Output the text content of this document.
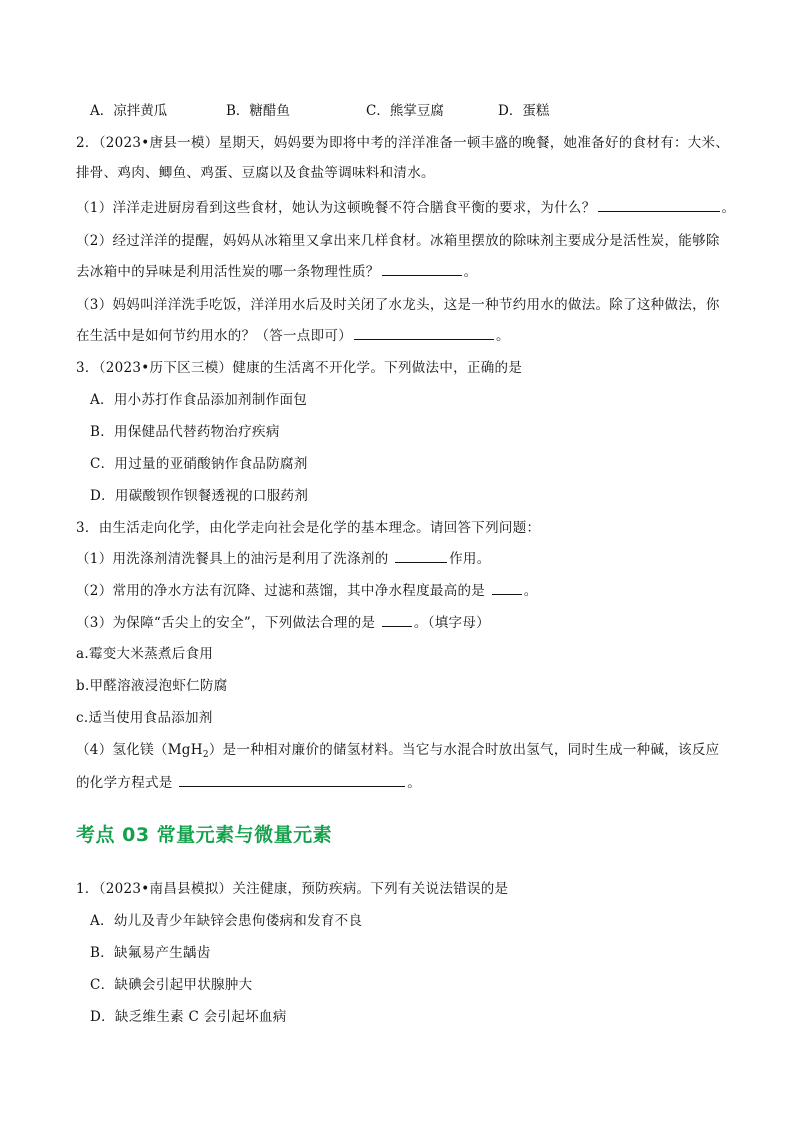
A．凉拌黄瓜	B．糖醋鱼	C．熊掌豆腐	D．蛋糕
2．（2023•唐县一模）星期天，妈妈要为即将中考的洋洋准备一顿丰盛的晚餐，她准备好的食材有：大米、
排骨、鸡肉、鲫鱼、鸡蛋、豆腐以及食盐等调味料和清水。
（1）洋洋走进厨房看到这些食材，她认为这顿晚餐不符合膳食平衡的要求，为什么？	。
（2）经过洋洋的提醒，妈妈从冰箱里又拿出来几样食材。冰箱里摆放的除味剂主要成分是活性炭，能够除
去冰箱中的异味是利用活性炭的哪一条物理性质？	。
（3）妈妈叫洋洋洗手吃饭，洋洋用水后及时关闭了水龙头，这是一种节约用水的做法。除了这种做法，你
在生活中是如何节约用水的？（答一点即可）	。
3．（2023•历下区三模）健康的生活离不开化学。下列做法中，正确的是
A．用小苏打作食品添加剂制作面包
B．用保健品代替药物治疗疾病
C．用过量的亚硝酸钠作食品防腐剂
D．用碳酸钡作钡餐透视的口服药剂
3．由生活走向化学，由化学走向社会是化学的基本理念。请回答下列问题：
（1）用洗涤剂清洗餐具上的油污是利用了洗涤剂的	作用。
（2）常用的净水方法有沉降、过滤和蒸馏，其中净水程度最高的是	。
（3）为保障“舌尖上的安全”，下列做法合理的是	。（填字母）
a.霉变大米蒸煮后食用
b.甲醛溶液浸泡虾仁防腐
c.适当使用食品添加剂
（4）氢化镁（MgH$_2$）是一种相对廉价的储氢材料。当它与水混合时放出氢气，同时生成一种碱，该反应
的化学方程式是	。
考点 03 常量元素与微量元素
1．（2023•南昌县模拟）关注健康，预防疾病。下列有关说法错误的是
A．幼儿及青少年缺锌会患佝偻病和发育不良
B．缺氟易产生龋齿
C．缺碘会引起甲状腺肿大
D．缺乏维生素 C 会引起坏血病
